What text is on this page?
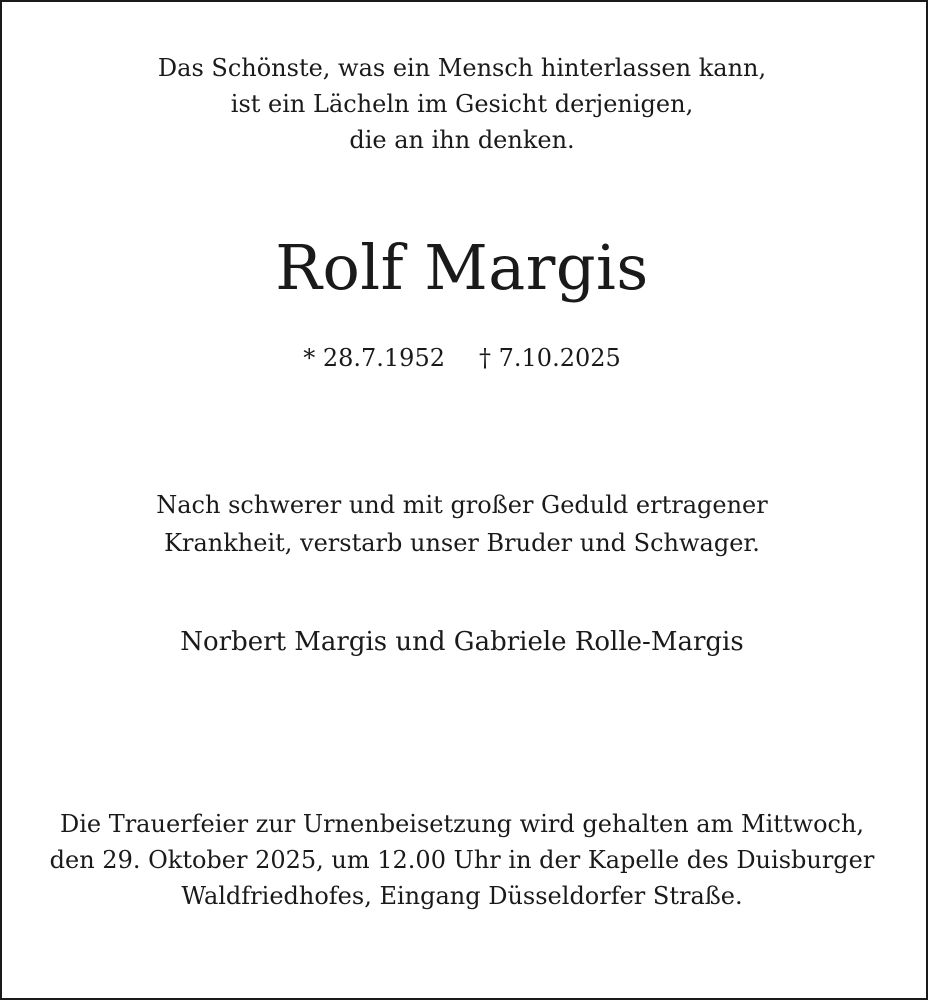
Das Schönste, was ein Mensch hinterlassen kann,
ist ein Lächeln im Gesicht derjenigen,
die an ihn denken.
Rolf Margis
* 28.7.1952 † 7.10.2025
Nach schwerer und mit großer Geduld ertragener
Krankheit, verstarb unser Bruder und Schwager.
Norbert Margis und Gabriele Rolle-Margis
Die Trauerfeier zur Urnenbeisetzung wird gehalten am Mittwoch,
den 29. Oktober 2025, um 12.00 Uhr in der Kapelle des Duisburger
Waldfriedhofes, Eingang Düsseldorfer Straße.
